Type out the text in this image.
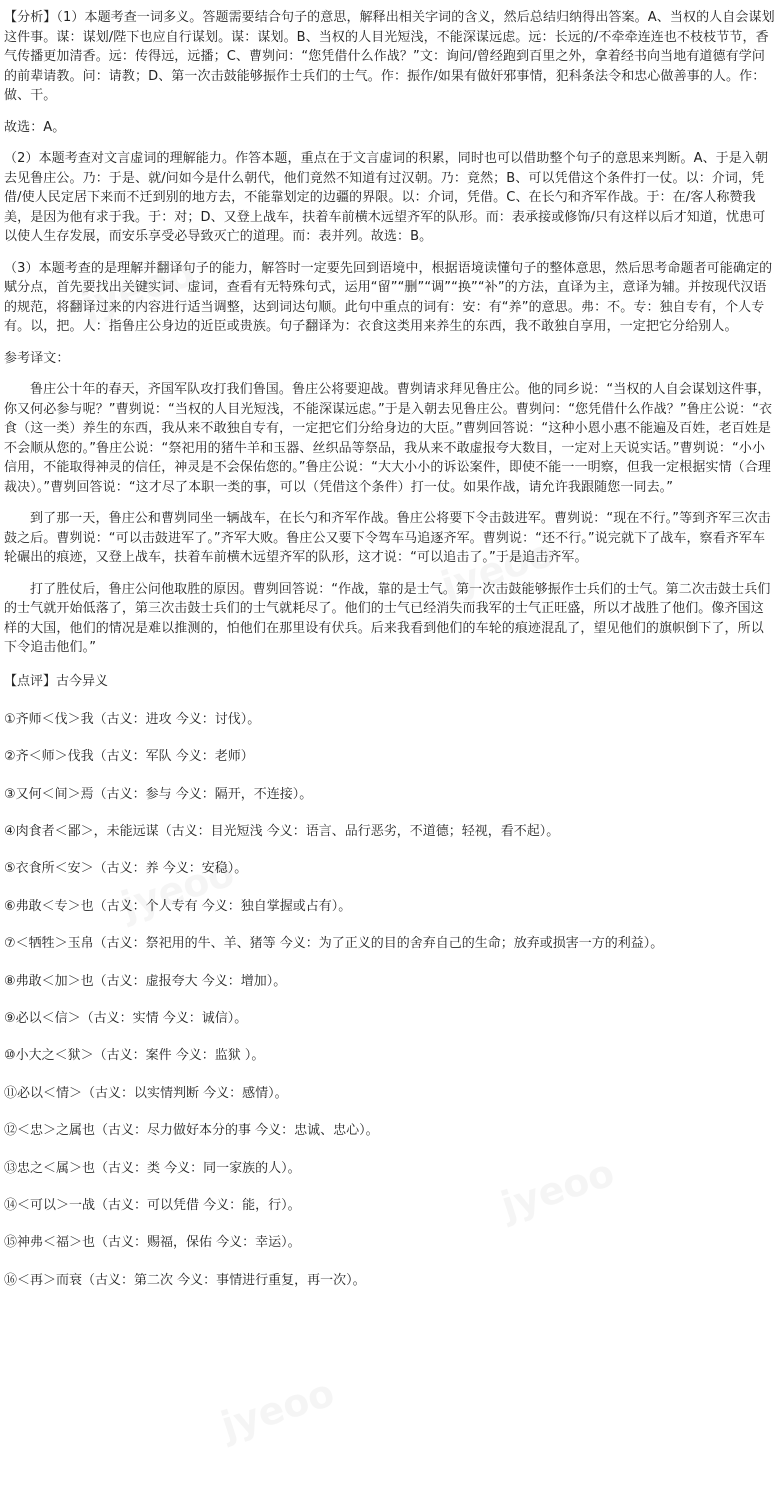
【分析】（1）本题考查一词多义。答题需要结合句子的意思，解释出相关字词的含义，然后总结归纳得出答案。A、当权的人自会谋划这件事。谋：谋划/陛下也应自行谋划。谋：谋划。B、当权的人目光短浅，不能深谋远虑。远：长远的/不牵牵连连也不枝枝节节，香气传播更加清香。远：传得远，远播；C、曹刿问：“您凭借什么作战？”文：询问/曾经跑到百里之外，拿着经书向当地有道德有学问的前辈请教。问：请教；D、第一次击鼓能够振作士兵们的士气。作：振作/如果有做奸邪事情，犯科条法令和忠心做善事的人。作：做、干。

故选：A。

（2）本题考查对文言虚词的理解能力。作答本题，重点在于文言虚词的积累，同时也可以借助整个句子的意思来判断。A、于是入朝去见鲁庄公。乃：于是、就/问如今是什么朝代，他们竟然不知道有过汉朝。乃：竟然；B、可以凭借这个条件打一仗。以：介词，凭借/使人民定居下来而不迁到别的地方去，不能靠划定的边疆的界限。以：介词，凭借。C、在长勺和齐军作战。于：在/客人称赞我美，是因为他有求于我。于：对；D、又登上战车，扶着车前横木远望齐军的队形。而：表承接或修饰/只有这样以后才知道，忧患可以使人生存发展，而安乐享受必导致灭亡的道理。而：表并列。故选：B。

（3）本题考查的是理解并翻译句子的能力，解答时一定要先回到语境中，根据语境读懂句子的整体意思，然后思考命题者可能确定的赋分点，首先要找出关键实词、虚词，查看有无特殊句式，运用“留”“删”“调”“换”“补”的方法，直译为主，意译为辅。并按现代汉语的规范，将翻译过来的内容进行适当调整，达到词达句顺。此句中重点的词有：安：有“养”的意思。弗：不。专：独自专有，个人专有。以，把。人：指鲁庄公身边的近臣或贵族。句子翻译为：衣食这类用来养生的东西，我不敢独自享用，一定把它分给别人。

参考译文：

鲁庄公十年的春天，齐国军队攻打我们鲁国。鲁庄公将要迎战。曹刿请求拜见鲁庄公。他的同乡说：“当权的人自会谋划这件事，你又何必参与呢？”曹刿说：“当权的人目光短浅，不能深谋远虑。”于是入朝去见鲁庄公。曹刿问：“您凭借什么作战？”鲁庄公说：“衣食（这一类）养生的东西，我从来不敢独自专有，一定把它们分给身边的大臣。”曹刿回答说：“这种小恩小惠不能遍及百姓，老百姓是不会顺从您的。”鲁庄公说：“祭祀用的猪牛羊和玉器、丝织品等祭品，我从来不敢虚报夸大数目，一定对上天说实话。”曹刿说：“小小信用，不能取得神灵的信任，神灵是不会保佑您的。”鲁庄公说：“大大小小的诉讼案件，即使不能一一明察，但我一定根据实情（合理裁决）。”曹刿回答说：“这才尽了本职一类的事，可以（凭借这个条件）打一仗。如果作战，请允许我跟随您一同去。”

到了那一天，鲁庄公和曹刿同坐一辆战车，在长勺和齐军作战。鲁庄公将要下令击鼓进军。曹刿说：“现在不行。”等到齐军三次击鼓之后。曹刿说：“可以击鼓进军了。”齐军大败。鲁庄公又要下令驾车马追逐齐军。曹刿说：“还不行。”说完就下了战车，察看齐军车轮碾出的痕迹，又登上战车，扶着车前横木远望齐军的队形，这才说：“可以追击了。”于是追击齐军。

打了胜仗后，鲁庄公问他取胜的原因。曹刿回答说：“作战，靠的是士气。第一次击鼓能够振作士兵们的士气。第二次击鼓士兵们的士气就开始低落了，第三次击鼓士兵们的士气就耗尽了。他们的士气已经消失而我军的士气正旺盛，所以才战胜了他们。像齐国这样的大国，他们的情况是难以推测的，怕他们在那里设有伏兵。后来我看到他们的车轮的痕迹混乱了，望见他们的旗帜倒下了，所以下令追击他们。”

【点评】古今异义
①齐师＜伐＞我（古义：进攻 今义：讨伐）。
②齐＜师＞伐我（古义：军队 今义：老师）
③又何＜间＞焉（古义：参与 今义：隔开，不连接）。
④肉食者＜鄙＞，未能远谋（古义：目光短浅 今义：语言、品行恶劣，不道德；轻视，看不起）。
⑤衣食所＜安＞（古义：养 今义：安稳）。
⑥弗敢＜专＞也（古义：个人专有 今义：独自掌握或占有）。
⑦＜牺牲＞玉帛（古义：祭祀用的牛、羊、猪等 今义：为了正义的目的舍弃自己的生命；放弃或损害一方的利益）。
⑧弗敢＜加＞也（古义：虚报夸大 今义：增加）。
⑨必以＜信＞（古义：实情 今义：诚信）。
⑩小大之＜狱＞（古义：案件 今义：监狱 ）。
⑪必以＜情＞（古义：以实情判断 今义：感情）。
⑫＜忠＞之属也（古义：尽力做好本分的事 今义：忠诚、忠心）。
⑬忠之＜属＞也（古义：类 今义：同一家族的人）。
⑭＜可以＞一战（古义：可以凭借 今义：能，行）。
⑮神弗＜福＞也（古义：赐福，保佑 今义：幸运）。
⑯＜再＞而衰（古义：第二次 今义：事情进行重复，再一次）。
